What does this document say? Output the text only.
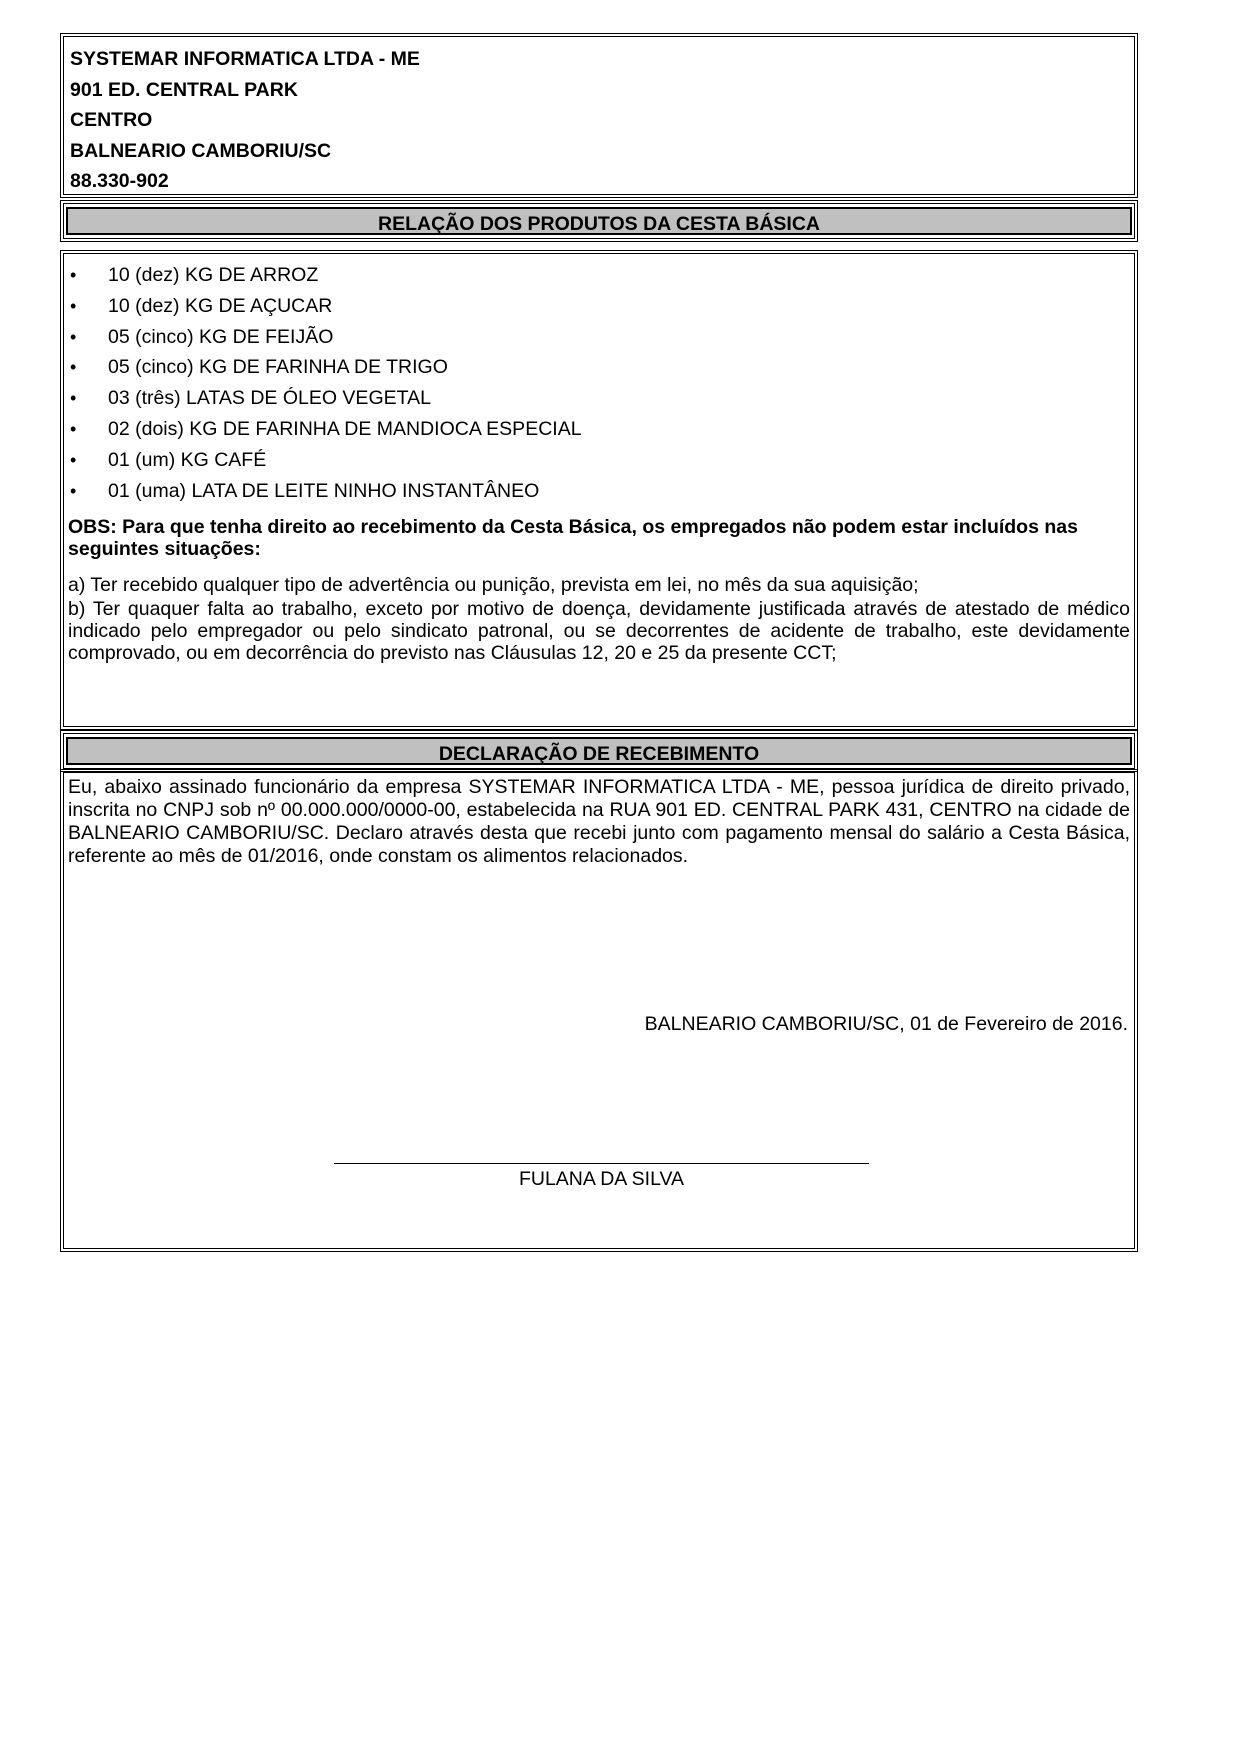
SYSTEMAR INFORMATICA LTDA - ME
901 ED. CENTRAL PARK
CENTRO
BALNEARIO CAMBORIU/SC
88.330-902
RELAÇÃO DOS PRODUTOS DA CESTA BÁSICA
• 10 (dez) KG DE ARROZ
• 10 (dez) KG DE AÇUCAR
• 05 (cinco) KG DE FEIJÃO
• 05 (cinco) KG DE FARINHA DE TRIGO
• 03 (três) LATAS DE ÓLEO VEGETAL
• 02 (dois) KG DE FARINHA DE MANDIOCA ESPECIAL
• 01 (um) KG CAFÉ
• 01 (uma) LATA DE LEITE NINHO INSTANTÂNEO
OBS: Para que tenha direito ao recebimento da Cesta Básica, os empregados não podem estar incluídos nas seguintes situações:
a) Ter recebido qualquer tipo de advertência ou punição, prevista em lei, no mês da sua aquisição;
b) Ter quaquer falta ao trabalho, exceto por motivo de doença, devidamente justificada através de atestado de médico indicado pelo empregador ou pelo sindicato patronal, ou se decorrentes de acidente de trabalho, este devidamente comprovado, ou em decorrência do previsto nas Cláusulas 12, 20 e 25 da presente CCT;
DECLARAÇÃO DE RECEBIMENTO
Eu, abaixo assinado funcionário da empresa SYSTEMAR INFORMATICA LTDA - ME, pessoa jurídica de direito privado, inscrita no CNPJ sob nº 00.000.000/0000-00, estabelecida na RUA 901 ED. CENTRAL PARK 431, CENTRO na cidade de BALNEARIO CAMBORIU/SC. Declaro através desta que recebi junto com pagamento mensal do salário a Cesta Básica, referente ao mês de 01/2016, onde constam os alimentos relacionados.
BALNEARIO CAMBORIU/SC, 01 de Fevereiro de 2016.
FULANA DA SILVA
